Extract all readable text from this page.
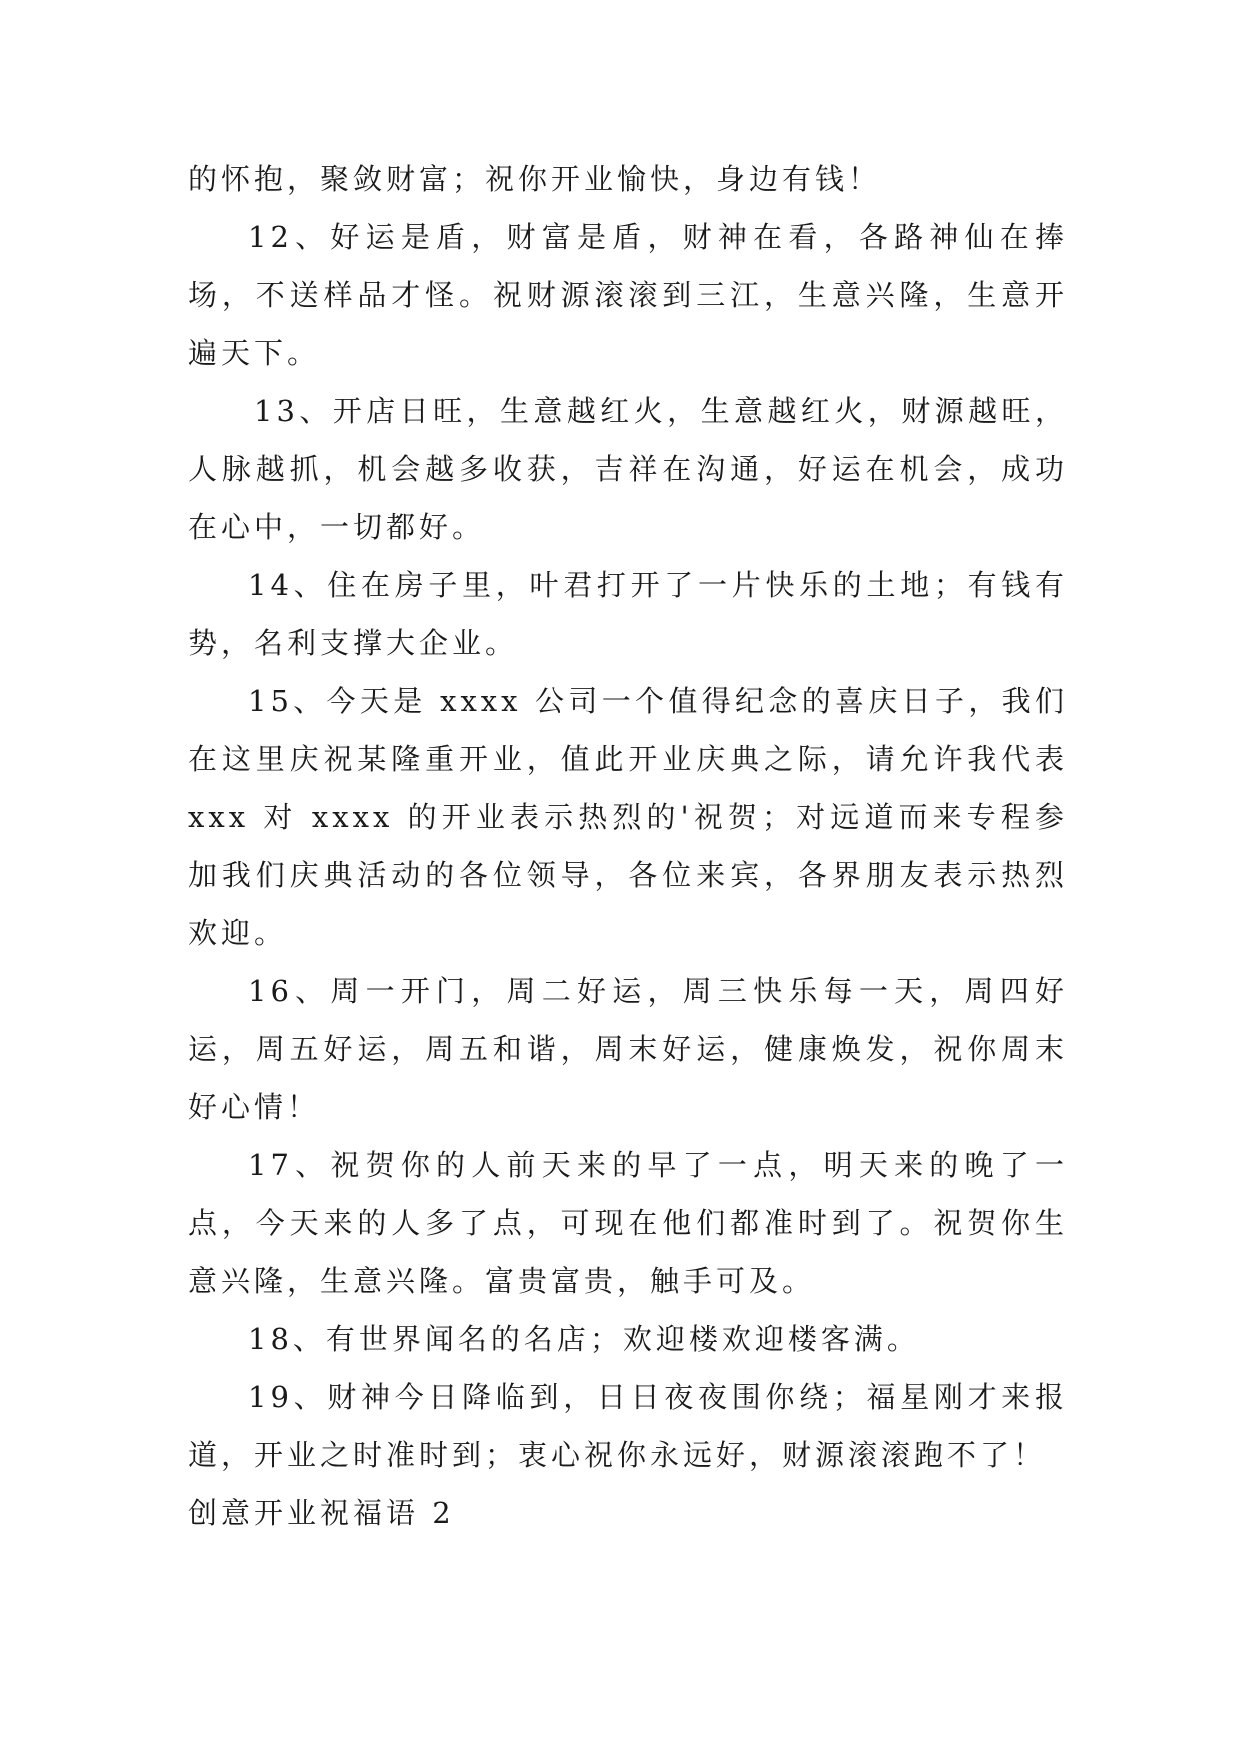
的怀抱，聚敛财富；祝你开业愉快，身边有钱！

12、好运是盾，财富是盾，财神在看，各路神仙在捧场，不送样品才怪。祝财源滚滚到三江，生意兴隆，生意开遍天下。

13、开店日旺，生意越红火，生意越红火，财源越旺，人脉越抓，机会越多收获，吉祥在沟通，好运在机会，成功在心中，一切都好。

14、住在房子里，叶君打开了一片快乐的土地；有钱有势，名利支撑大企业。

15、今天是 xxxx 公司一个值得纪念的喜庆日子，我们在这里庆祝某隆重开业，值此开业庆典之际，请允许我代表 xxx 对 xxxx 的开业表示热烈的'祝贺；对远道而来专程参加我们庆典活动的各位领导，各位来宾，各界朋友表示热烈欢迎。

16、周一开门，周二好运，周三快乐每一天，周四好运，周五好运，周五和谐，周末好运，健康焕发，祝你周末好心情！

17、祝贺你的人前天来的早了一点，明天来的晚了一点，今天来的人多了点，可现在他们都准时到了。祝贺你生意兴隆，生意兴隆。富贵富贵，触手可及。

18、有世界闻名的名店；欢迎楼欢迎楼客满。

19、财神今日降临到，日日夜夜围你绕；福星刚才来报道，开业之时准时到；衷心祝你永远好，财源滚滚跑不了！

创意开业祝福语 2
